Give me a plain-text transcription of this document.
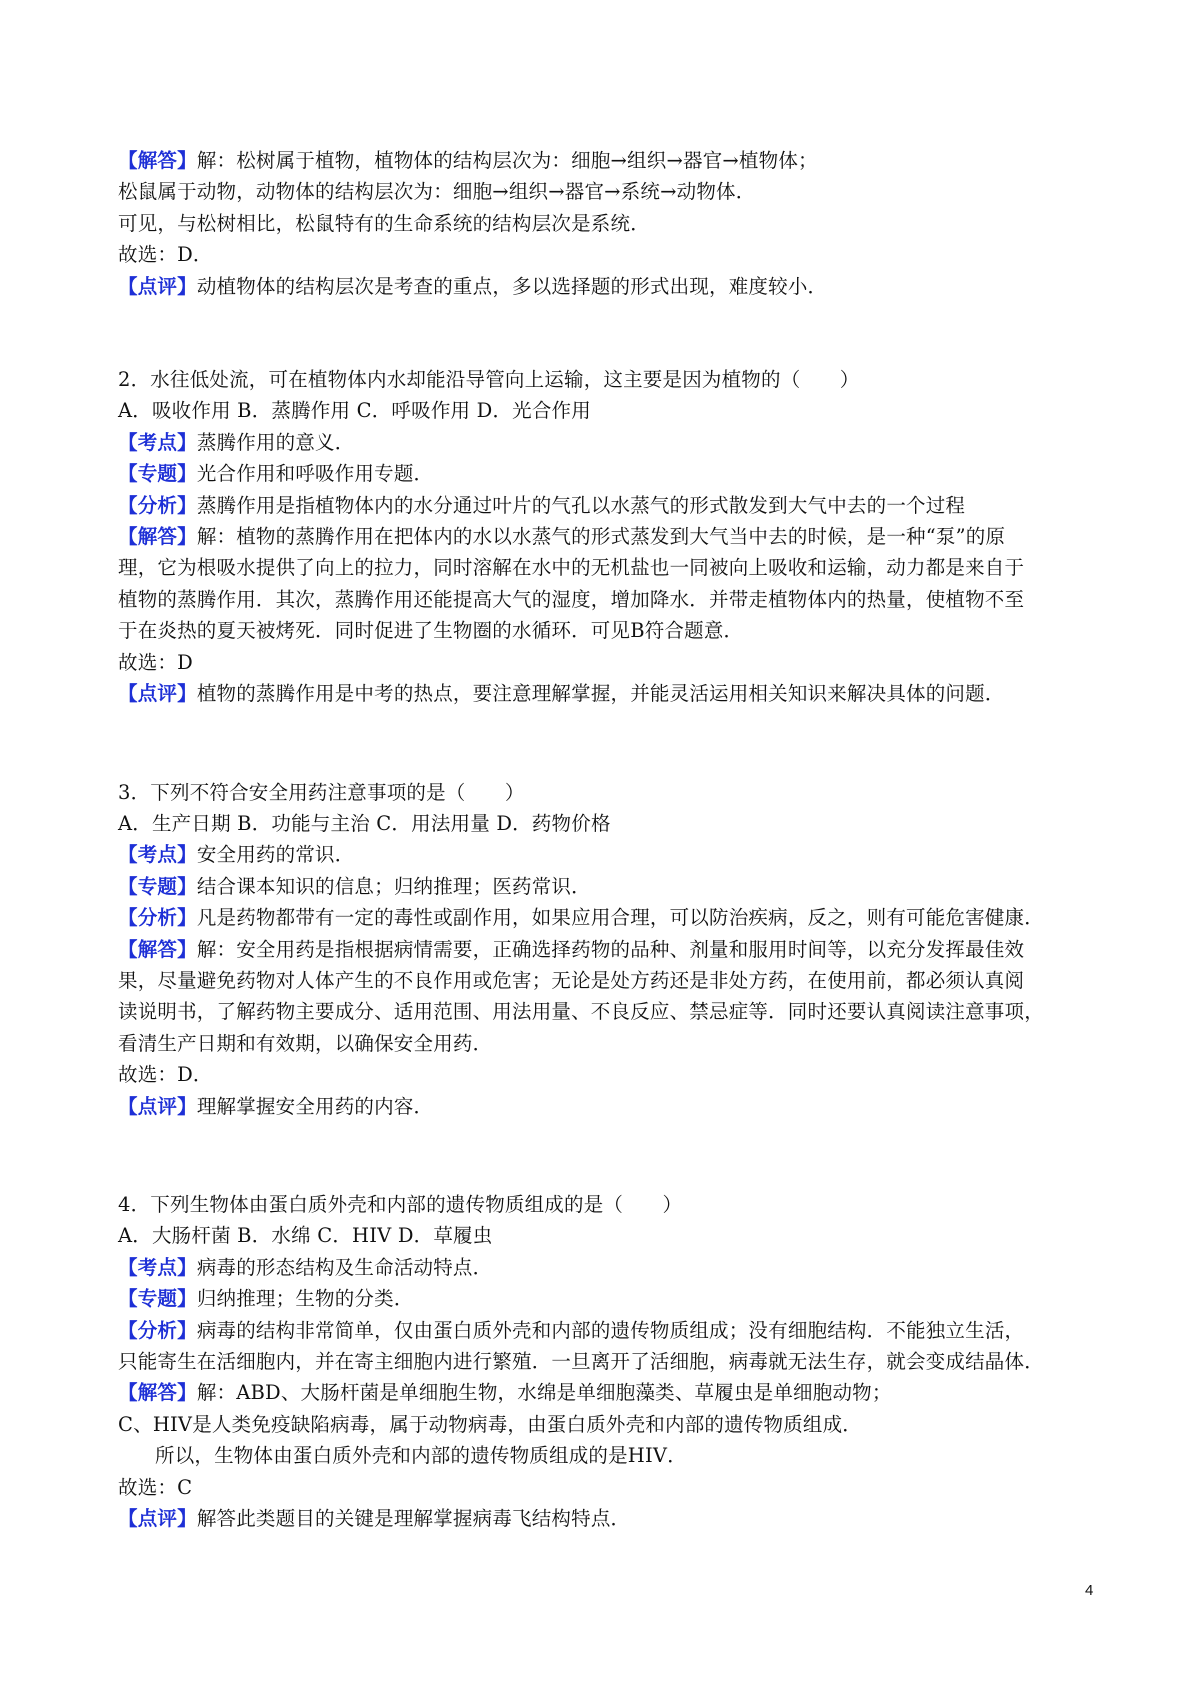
【解答】解：松树属于植物，植物体的结构层次为：细胞→组织→器官→植物体；
松鼠属于动物，动物体的结构层次为：细胞→组织→器官→系统→动物体．
可见，与松树相比，松鼠特有的生命系统的结构层次是系统．
故选：D．
【点评】动植物体的结构层次是考查的重点，多以选择题的形式出现，难度较小．
2．水往低处流，可在植物体内水却能沿导管向上运输，这主要是因为植物的（　　）
A．吸收作用 B．蒸腾作用 C．呼吸作用 D．光合作用
【考点】蒸腾作用的意义．
【专题】光合作用和呼吸作用专题．
【分析】蒸腾作用是指植物体内的水分通过叶片的气孔以水蒸气的形式散发到大气中去的一个过程
【解答】解：植物的蒸腾作用在把体内的水以水蒸气的形式蒸发到大气当中去的时候，是一种“泵”的原
理，它为根吸水提供了向上的拉力，同时溶解在水中的无机盐也一同被向上吸收和运输，动力都是来自于
植物的蒸腾作用．其次，蒸腾作用还能提高大气的湿度，增加降水．并带走植物体内的热量，使植物不至
于在炎热的夏天被烤死．同时促进了生物圈的水循环．可见B符合题意．
故选：D
【点评】植物的蒸腾作用是中考的热点，要注意理解掌握，并能灵活运用相关知识来解决具体的问题．
3．下列不符合安全用药注意事项的是（　　）
A．生产日期 B．功能与主治 C．用法用量 D．药物价格
【考点】安全用药的常识．
【专题】结合课本知识的信息；归纳推理；医药常识．
【分析】凡是药物都带有一定的毒性或副作用，如果应用合理，可以防治疾病，反之，则有可能危害健康．
【解答】解：安全用药是指根据病情需要，正确选择药物的品种、剂量和服用时间等，以充分发挥最佳效
果，尽量避免药物对人体产生的不良作用或危害；无论是处方药还是非处方药，在使用前，都必须认真阅
读说明书，了解药物主要成分、适用范围、用法用量、不良反应、禁忌症等．同时还要认真阅读注意事项，
看清生产日期和有效期，以确保安全用药．
故选：D．
【点评】理解掌握安全用药的内容．
4．下列生物体由蛋白质外壳和内部的遗传物质组成的是（　　）
A．大肠杆菌 B．水绵 C．HIV D．草履虫
【考点】病毒的形态结构及生命活动特点．
【专题】归纳推理；生物的分类．
【分析】病毒的结构非常简单，仅由蛋白质外壳和内部的遗传物质组成；没有细胞结构．不能独立生活，
只能寄生在活细胞内，并在寄主细胞内进行繁殖．一旦离开了活细胞，病毒就无法生存，就会变成结晶体．
【解答】解：ABD、大肠杆菌是单细胞生物，水绵是单细胞藻类、草履虫是单细胞动物；
C、HIV是人类免疫缺陷病毒，属于动物病毒，由蛋白质外壳和内部的遗传物质组成．
所以，生物体由蛋白质外壳和内部的遗传物质组成的是HIV．
故选：C
【点评】解答此类题目的关键是理解掌握病毒飞结构特点．
4
